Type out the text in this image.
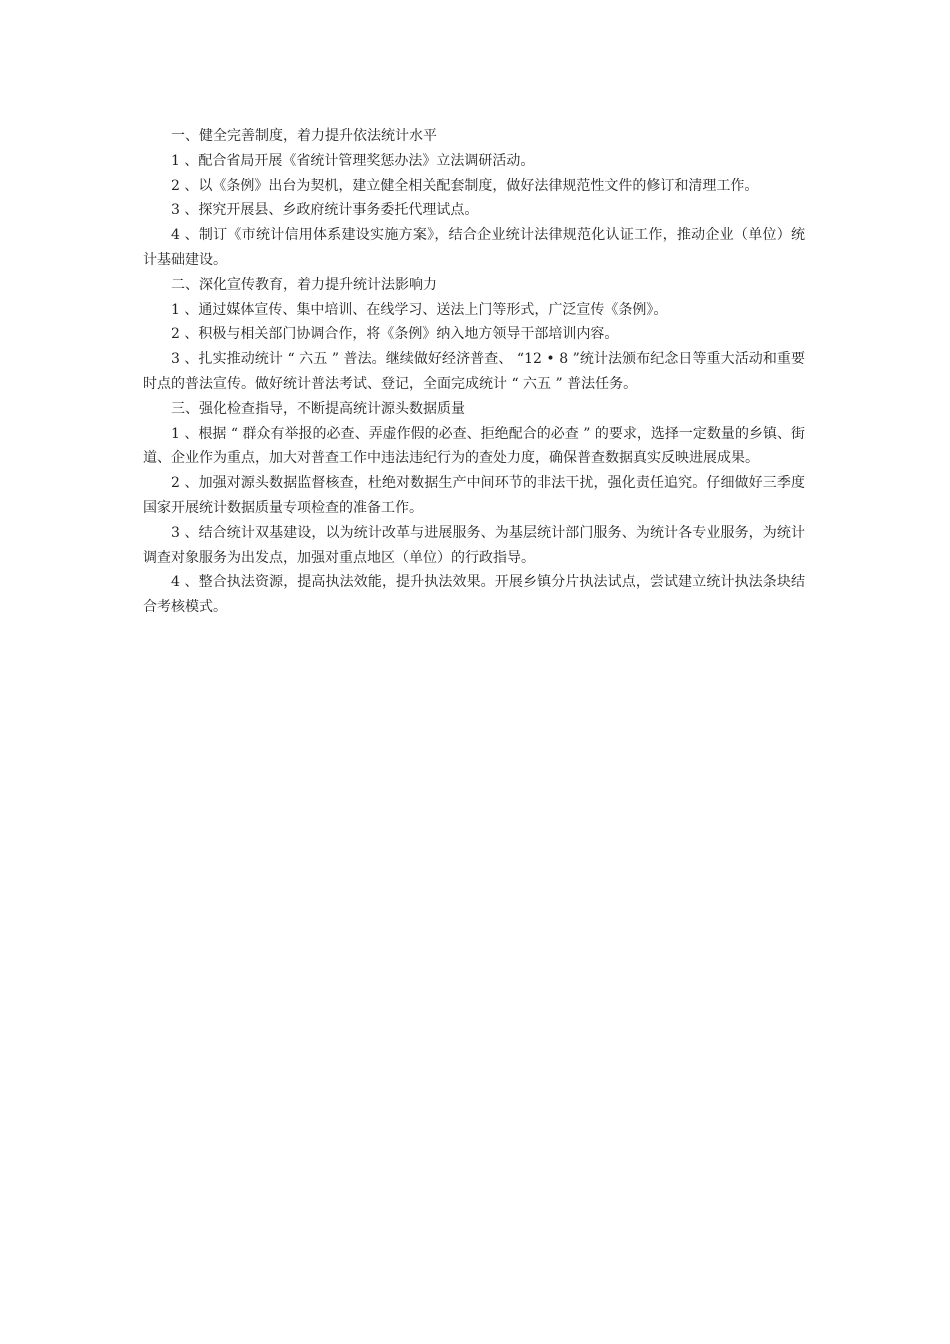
一、健全完善制度，着力提升依法统计水平

1 、配合省局开展《省统计管理奖惩办法》立法调研活动。

2 、以《条例》出台为契机，建立健全相关配套制度，做好法律规范性文件的修订和清理工作。

3 、探究开展县、乡政府统计事务委托代理试点。

4 、制订《市统计信用体系建设实施方案》，结合企业统计法律规范化认证工作，推动企业（单位）统计基础建设。

二、深化宣传教育，着力提升统计法影响力

1 、通过媒体宣传、集中培训、在线学习、送法上门等形式，广泛宣传《条例》。

2 、积极与相关部门协调合作，将《条例》纳入地方领导干部培训内容。

3 、扎实推动统计 “ 六五 ” 普法。继续做好经济普查、 “12 • 8 ”统计法颁布纪念日等重大活动和重要时点的普法宣传。做好统计普法考试、登记，全面完成统计 “ 六五 ” 普法任务。

三、强化检查指导，不断提高统计源头数据质量

1 、根据 “ 群众有举报的必查、弄虚作假的必查、拒绝配合的必查 ” 的要求，选择一定数量的乡镇、街道、企业作为重点，加大对普查工作中违法违纪行为的查处力度，确保普查数据真实反映进展成果。

2 、加强对源头数据监督核查，杜绝对数据生产中间环节的非法干扰，强化责任追究。仔细做好三季度国家开展统计数据质量专项检查的准备工作。

3 、结合统计双基建设，以为统计改革与进展服务、为基层统计部门服务、为统计各专业服务，为统计调查对象服务为出发点，加强对重点地区（单位）的行政指导。

4 、整合执法资源，提高执法效能，提升执法效果。开展乡镇分片执法试点，尝试建立统计执法条块结合考核模式。
